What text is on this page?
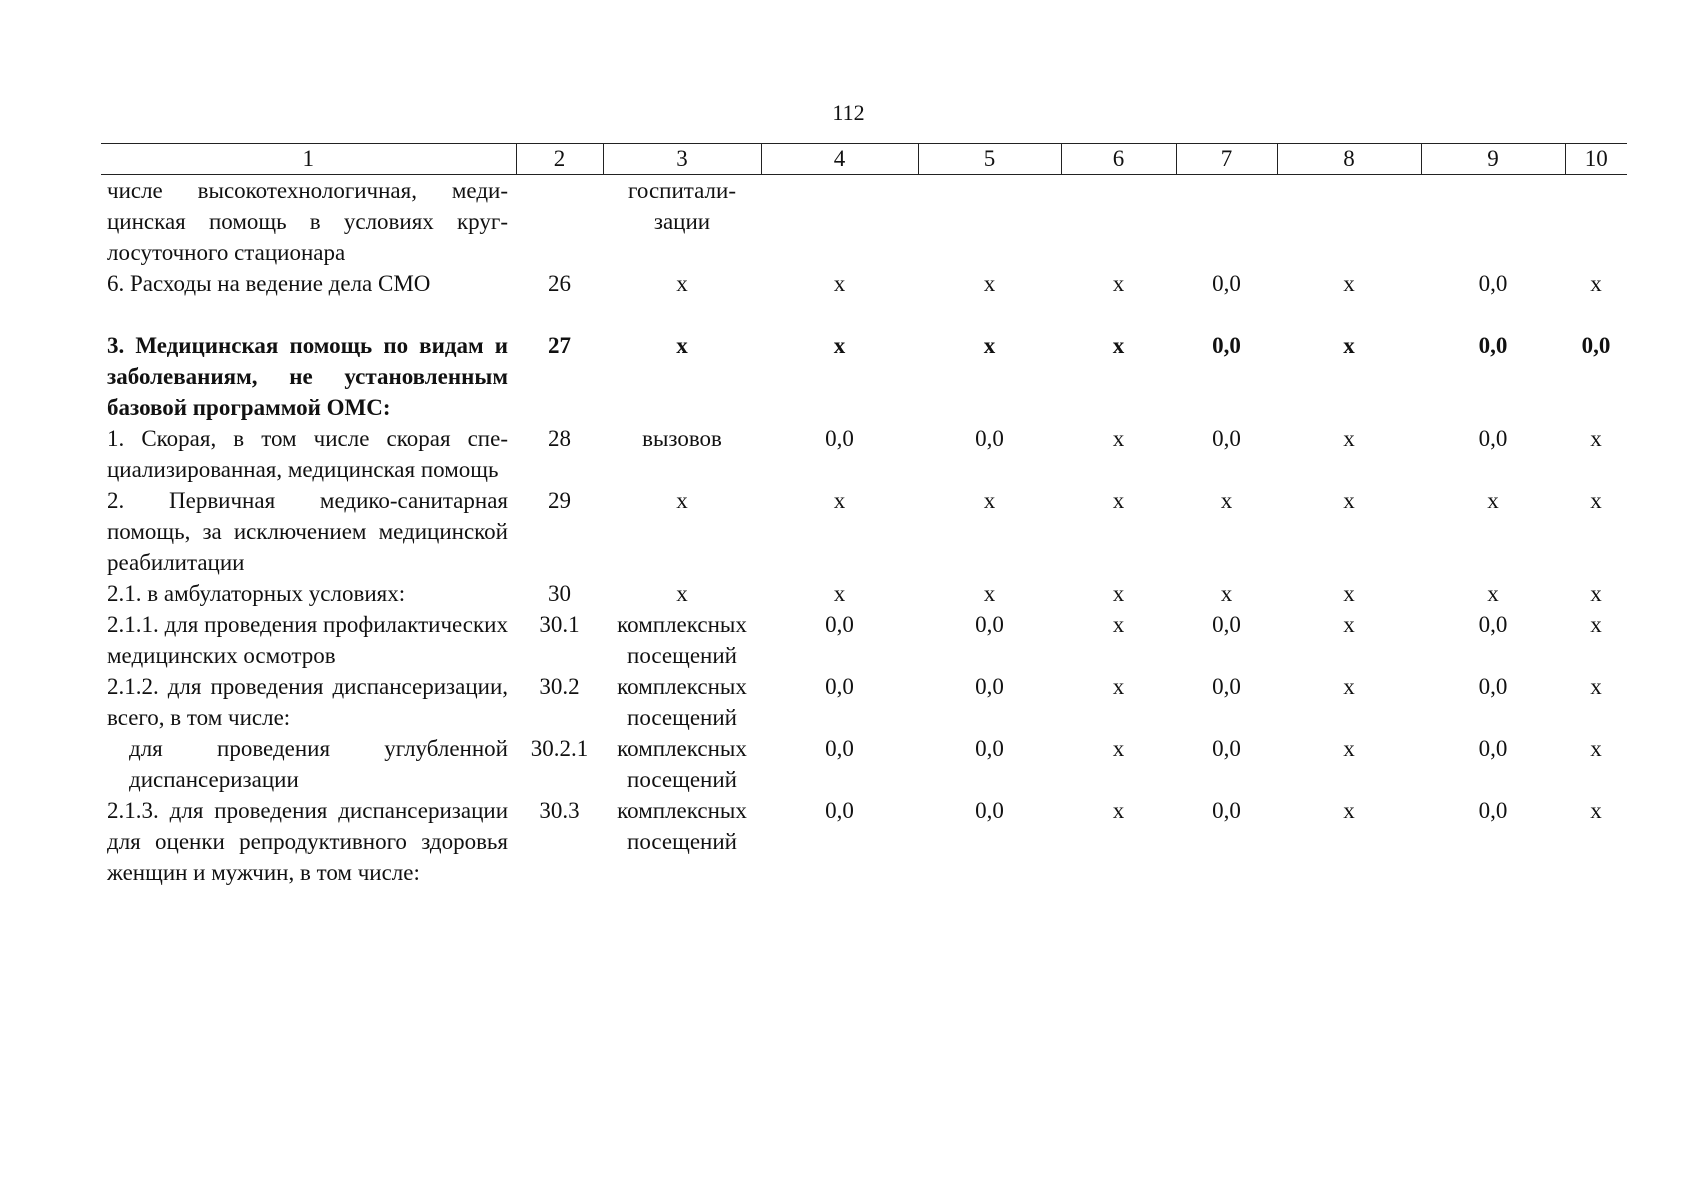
112
1	2	3	4	5	6	7	8	9	10
числе высокотехнологичная, медицинская помощь в условиях круглосуточного стационара		госпитализации							
6. Расходы на ведение дела СМО	26	х	х	х	х	0,0	х	0,0	х
3. Медицинская помощь по видам и заболеваниям, не установленным базовой программой ОМС:	27	х	х	х	х	0,0	х	0,0	0,0
1. Скорая, в том числе скорая специализированная, медицинская помощь	28	вызовов	0,0	0,0	х	0,0	х	0,0	х
2. Первичная медико-санитарная помощь, за исключением медицинской реабилитации	29	х	х	х	х	х	х	х	х
2.1. в амбулаторных условиях:	30	х	х	х	х	х	х	х	х
2.1.1. для проведения профилактических медицинских осмотров	30.1	комплексных посещений	0,0	0,0	х	0,0	х	0,0	х
2.1.2. для проведения диспансеризации, всего, в том числе:	30.2	комплексных посещений	0,0	0,0	х	0,0	х	0,0	х
для проведения углубленной диспансеризации	30.2.1	комплексных посещений	0,0	0,0	х	0,0	х	0,0	х
2.1.3. для проведения диспансеризации для оценки репродуктивного здоровья женщин и мужчин, в том числе:	30.3	комплексных посещений	0,0	0,0	х	0,0	х	0,0	х
